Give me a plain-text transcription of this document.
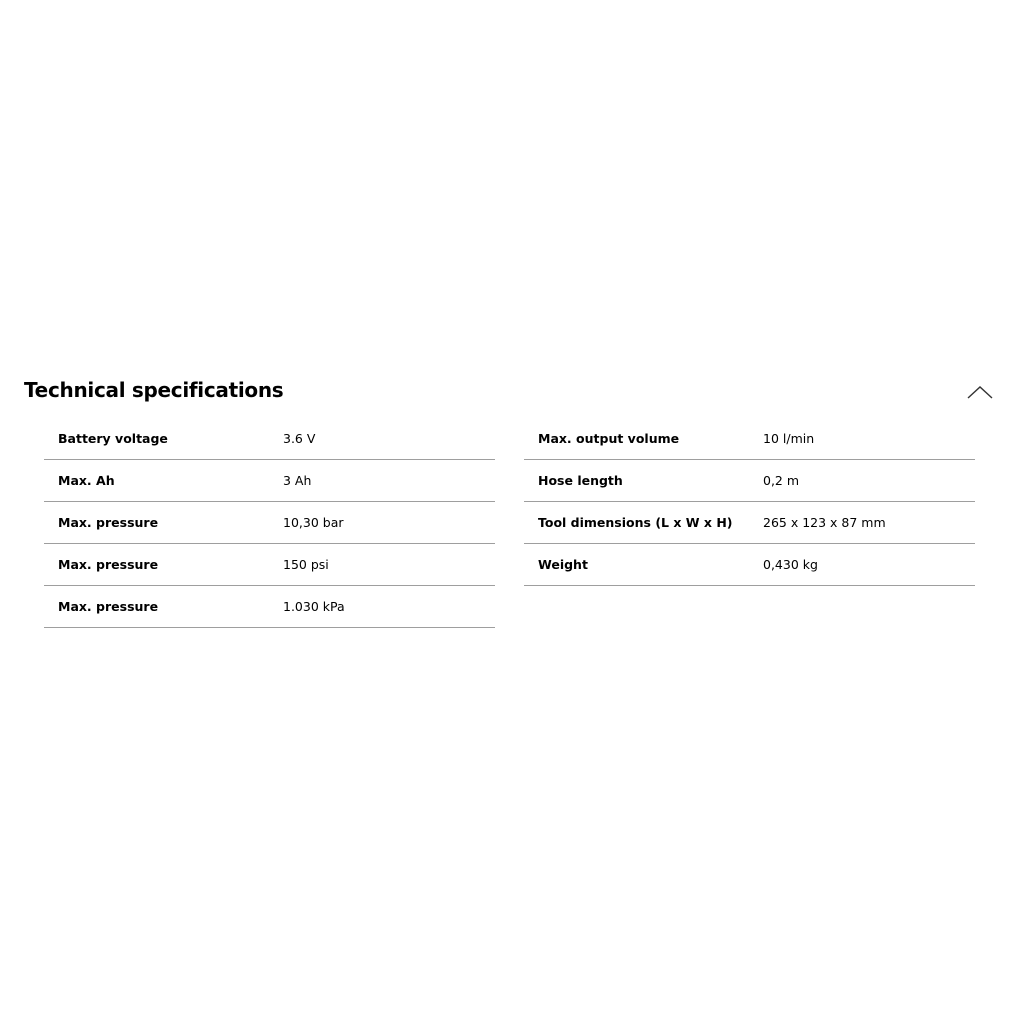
Technical specifications
Battery voltage	3.6 V
Max. Ah	3 Ah
Max. pressure	10,30 bar
Max. pressure	150 psi
Max. pressure	1.030 kPa
Max. output volume	10 l/min
Hose length	0,2 m
Tool dimensions (L x W x H) 265 x 123 x 87 mm
Weight	0,430 kg
